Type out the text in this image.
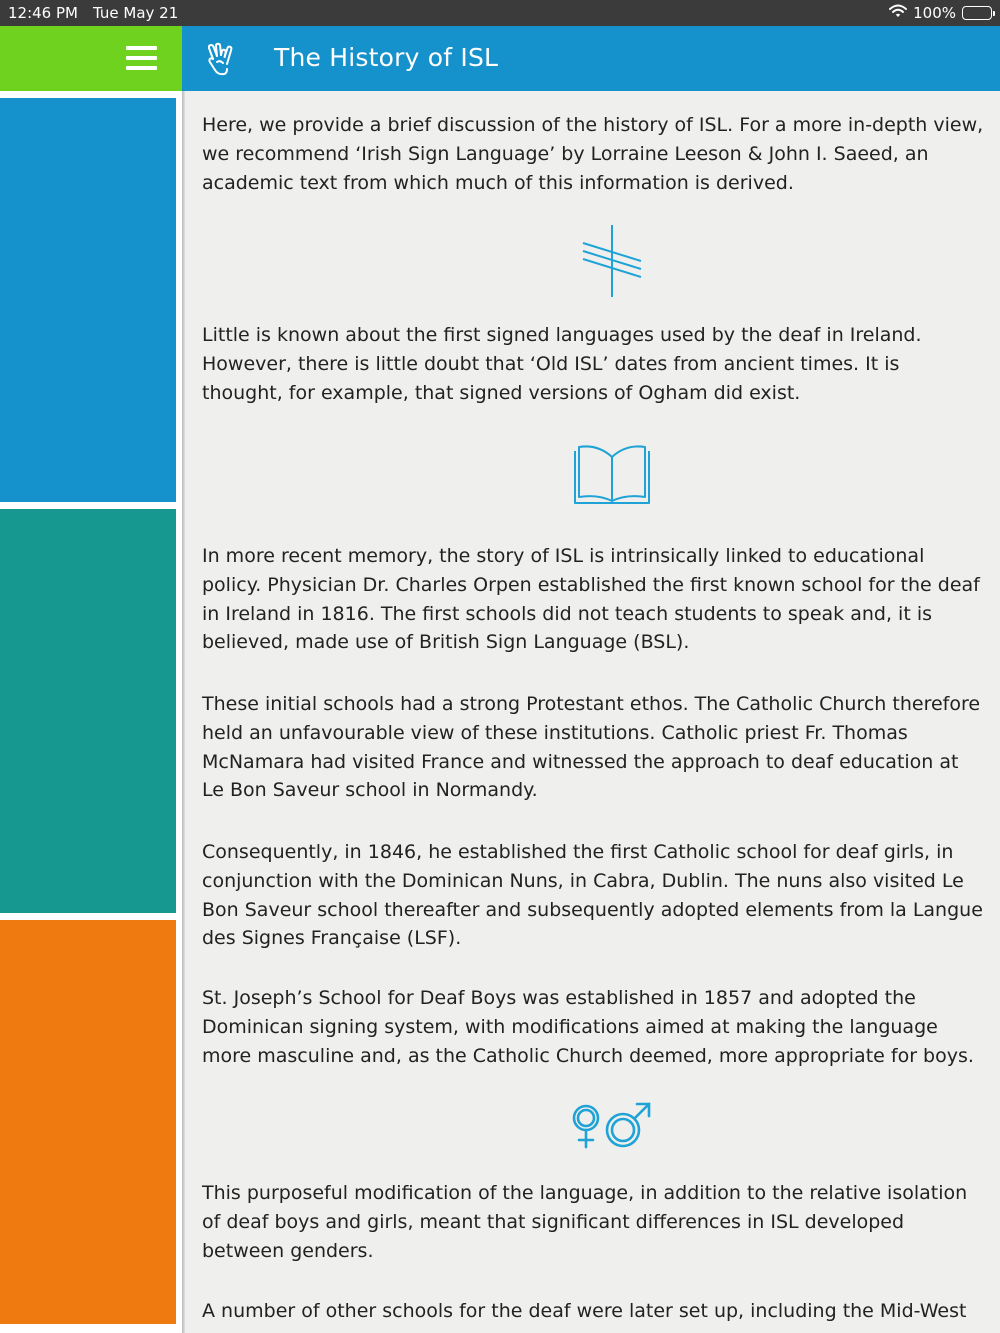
12:46 PM Tue May 21	100%
The History of ISL

Here, we provide a brief discussion of the history of ISL. For a more in-depth view, we recommend ‘Irish Sign Language’ by Lorraine Leeson & John I. Saeed, an academic text from which much of this information is derived.

Little is known about the first signed languages used by the deaf in Ireland. However, there is little doubt that ‘Old ISL’ dates from ancient times. It is thought, for example, that signed versions of Ogham did exist.

In more recent memory, the story of ISL is intrinsically linked to educational policy. Physician Dr. Charles Orpen established the first known school for the deaf in Ireland in 1816. The first schools did not teach students to speak and, it is believed, made use of British Sign Language (BSL).

These initial schools had a strong Protestant ethos. The Catholic Church therefore held an unfavourable view of these institutions. Catholic priest Fr. Thomas McNamara had visited France and witnessed the approach to deaf education at Le Bon Saveur school in Normandy.

Consequently, in 1846, he established the first Catholic school for deaf girls, in conjunction with the Dominican Nuns, in Cabra, Dublin. The nuns also visited Le Bon Saveur school thereafter and subsequently adopted elements from la Langue des Signes Française (LSF).

St. Joseph’s School for Deaf Boys was established in 1857 and adopted the Dominican signing system, with modifications aimed at making the language more masculine and, as the Catholic Church deemed, more appropriate for boys.

This purposeful modification of the language, in addition to the relative isolation of deaf boys and girls, meant that significant differences in ISL developed between genders.

A number of other schools for the deaf were later set up, including the Mid-West
